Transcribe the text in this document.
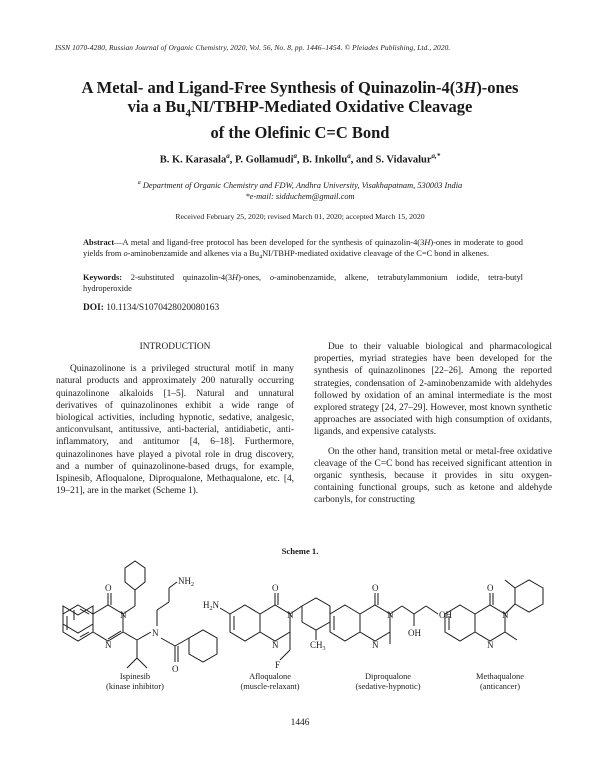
ISSN 1070-4280, Russian Journal of Organic Chemistry, 2020, Vol. 56, No. 8, pp. 1446–1454. © Pleiades Publishing, Ltd., 2020.
A Metal- and Ligand-Free Synthesis of Quinazolin-4(3H)-ones
via a $Bu_4NI/TBHP$-Mediated Oxidative Cleavage
of the Olefinic C=C Bond
B. K. Karasala$^a$, P. Gollamudi$^a$, B. Inkollu$^a$, and S. Vidavalur$^{a,*}$
$^a$ Department of Organic Chemistry and FDW, Andhra University, Visakhapatnam, 530003 India
*e-mail: sidduchem@gmail.com
Received February 25, 2020; revised March 01, 2020; accepted March 15, 2020
Abstract—A metal and ligand-free protocol has been developed for the synthesis of quinazolin-4(3H)-ones in moderate to good yields from o-aminobenzamide and alkenes via a $Bu_4NI/TBHP$-mediated oxidative cleavage of the C=C bond in alkenes.
Keywords: 2-substituted quinazolin-4(3H)-ones, o-aminobenzamide, alkene, tetrabutylammonium iodide, tetra-butyl hydroperoxide
DOI: 10.1134/S1070428020080163
INTRODUCTION

Quinazolinone is a privileged structural motif in many natural products and approximately 200 naturally occurring quinazolinone alkaloids [1–5]. Natural and unnatural derivatives of quinazolinones exhibit a wide range of biological activities, including hypnotic, sedative, analgesic, anticonvulsant, antitussive, anti-bacterial, antidiabetic, anti-inflammatory, and antitumor [4, 6–18]. Furthermore, quinazolinones have played a pivotal role in drug discovery, and a number of quinazolinone-based drugs, for example, Ispinesib, Afloqualone, Diproqualone, Methaqualone, etc. [4, 19–21], are in the market (Scheme 1).

Due to their valuable biological and pharmacological properties, myriad strategies have been developed for the synthesis of quinazolinones [22–26]. Among the reported strategies, condensation of 2-aminobenzamide with aldehydes followed by oxidation of an aminal intermediate is the most explored strategy [24, 27–29]. However, most known synthetic approaches are associated with high consumption of oxidants, ligands, and expensive catalysts.

On the other hand, transition metal or metal-free oxidative cleavage of the C=C bond has received significant attention in organic synthesis, because it provides in situ oxygen-containing functional groups, such as ketone and aldehyde carbonyls, for constructing

Scheme 1.
O
N
N
N
$NH_2$
O
O
$H_2N$
N
N	$CH_3$
F
O
N
N
OH
OH
O
N
N
Ispinesib
(kinase inhibitor)
Afloqualone
(muscle-relaxant)
Diproqualone
(sedative-hypnotic)
Methaqualone
(anticancer)
1446
